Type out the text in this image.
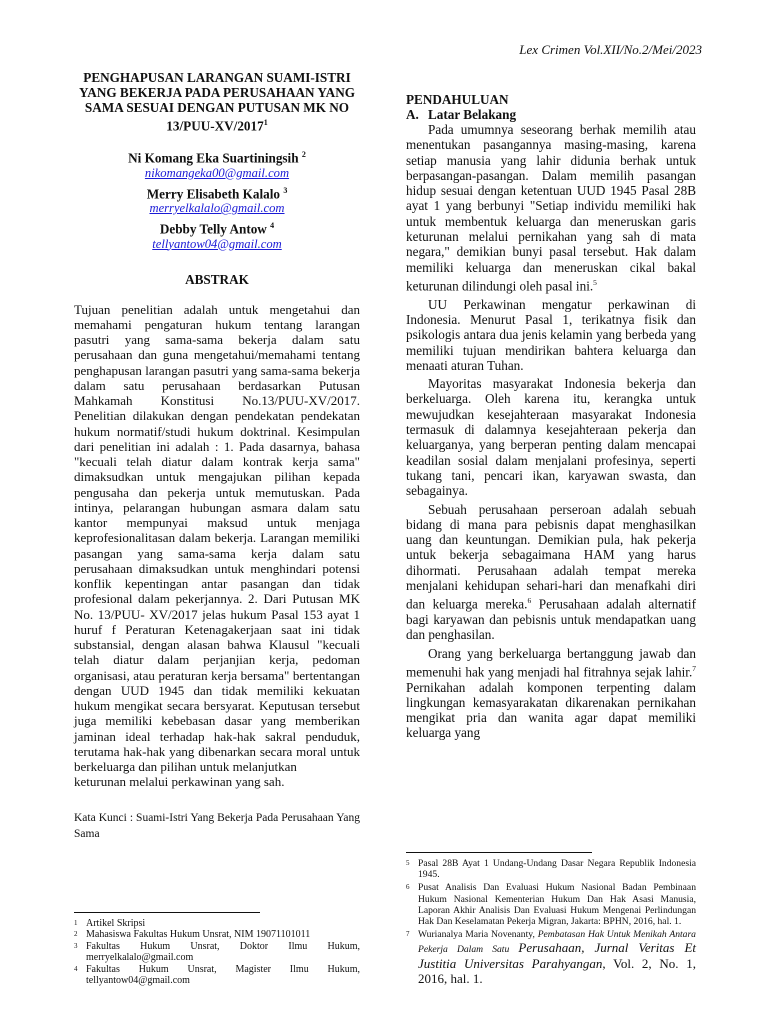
Lex Crimen Vol.XII/No.2/Mei/2023

PENGHAPUSAN LARANGAN SUAMI-ISTRI YANG BEKERJA PADA PERUSAHAAN YANG SAMA SESUAI DENGAN PUTUSAN MK NO 13/PUU-XV/2017$^1$

Ni Komang Eka Suartiningsih $^2$

nikomangeka00@gmail.com

Merry Elisabeth Kalalo $^3$

merryelkalalo@gmail.com

Debby Telly Antow $^4$

tellyantow04@gmail.com

ABSTRAK

Tujuan penelitian adalah untuk mengetahui dan memahami pengaturan hukum tentang larangan pasutri yang sama-sama bekerja dalam satu perusahaan dan guna mengetahui/memahami tentang penghapusan larangan pasutri yang sama-sama bekerja dalam satu perusahaan berdasarkan Putusan Mahkamah Konstitusi No.13/PUU-XV/2017. Penelitian dilakukan dengan pendekatan pendekatan hukum normatif/studi hukum doktrinal. Kesimpulan dari penelitian ini adalah : 1. Pada dasarnya, bahasa "kecuali telah diatur dalam kontrak kerja sama" dimaksudkan untuk mengajukan pilihan kepada pengusaha dan pekerja untuk memutuskan. Pada intinya, pelarangan hubungan asmara dalam satu kantor mempunyai maksud untuk menjaga keprofesionalitasan dalam bekerja. Larangan memiliki pasangan yang sama-sama kerja dalam satu perusahaan dimaksudkan untuk menghindari potensi konflik kepentingan antar pasangan dan tidak profesional dalam pekerjannya. 2. Dari Putusan MK No. 13/PUU- XV/2017 jelas hukum Pasal 153 ayat 1 huruf f Peraturan Ketenagakerjaan saat ini tidak substansial, dengan alasan bahwa Klausul "kecuali telah diatur dalam perjanjian kerja, pedoman organisasi, atau peraturan kerja bersama" bertentangan dengan UUD 1945 dan tidak memiliki kekuatan hukum mengikat secara bersyarat. Keputusan tersebut juga memiliki kebebasan dasar yang memberikan jaminan ideal terhadap hak-hak sakral penduduk, terutama hak-hak yang dibenarkan secara moral untuk berkeluarga dan pilihan untuk melanjutkan

keturunan melalui perkawinan yang sah.

Kata Kunci : Suami-Istri Yang Bekerja Pada Perusahaan Yang Sama

1 Artikel Skripsi
2 Mahasiswa Fakultas Hukum Unsrat, NIM 19071101011
3 Fakultas Hukum Unsrat, Doktor Ilmu Hukum, merryelkalalo@gmail.com
4 Fakultas Hukum Unsrat, Magister Ilmu Hukum, tellyantow04@gmail.com

PENDAHULUAN

A. Latar Belakang

Pada umumnya seseorang berhak memilih atau menentukan pasangannya masing-masing, karena setiap manusia yang lahir didunia berhak untuk berpasangan-pasangan. Dalam memilih pasangan hidup sesuai dengan ketentuan UUD 1945 Pasal 28B ayat 1 yang berbunyi "Setiap individu memiliki hak untuk membentuk keluarga dan meneruskan garis keturunan melalui pernikahan yang sah di mata negara," demikian bunyi pasal tersebut. Hak dalam memiliki keluarga dan meneruskan cikal bakal keturunan dilindungi oleh pasal ini.$^5$

UU Perkawinan mengatur perkawinan di Indonesia. Menurut Pasal 1, terikatnya fisik dan psikologis antara dua jenis kelamin yang berbeda yang memiliki tujuan mendirikan bahtera keluarga dan menaati aturan Tuhan.

Mayoritas masyarakat Indonesia bekerja dan berkeluarga. Oleh karena itu, kerangka untuk mewujudkan kesejahteraan masyarakat Indonesia termasuk di dalamnya kesejahteraan pekerja dan keluarganya, yang berperan penting dalam mencapai keadilan sosial dalam menjalani profesinya, seperti tukang tani, pencari ikan, karyawan swasta, dan sebagainya.

Sebuah perusahaan perseroan adalah sebuah bidang di mana para pebisnis dapat menghasilkan uang dan keuntungan. Demikian pula, hak pekerja untuk bekerja sebagaimana HAM yang harus dihormati. Perusahaan adalah tempat mereka menjalani kehidupan sehari-hari dan menafkahi diri dan keluarga mereka.$^6$ Perusahaan adalah alternatif bagi karyawan dan pebisnis untuk mendapatkan uang dan penghasilan.

Orang yang berkeluarga bertanggung jawab dan memenuhi hak yang menjadi hal fitrahnya sejak lahir.$^7$ Pernikahan adalah komponen terpenting dalam lingkungan kemasyarakatan dikarenakan pernikahan mengikat pria dan wanita agar dapat memiliki keluarga yang

5 Pasal 28B Ayat 1 Undang-Undang Dasar Negara Republik Indonesia 1945.
6 Pusat Analisis Dan Evaluasi Hukum Nasional Badan Pembinaan Hukum Nasional Kementerian Hukum Dan Hak Asasi Manusia, Laporan Akhir Analisis Dan Evaluasi Hukum Mengenai Perlindungan Hak Dan Keselamatan Pekerja Migran, Jakarta: BPHN, 2016, hal. 1.
7 Wurianalya Maria Novenanty, Pembatasan Hak Untuk Menikah Antara Pekerja Dalam Satu Perusahaan, Jurnal Veritas Et Justitia Universitas Parahyangan, Vol. 2, No. 1, 2016, hal. 1.
